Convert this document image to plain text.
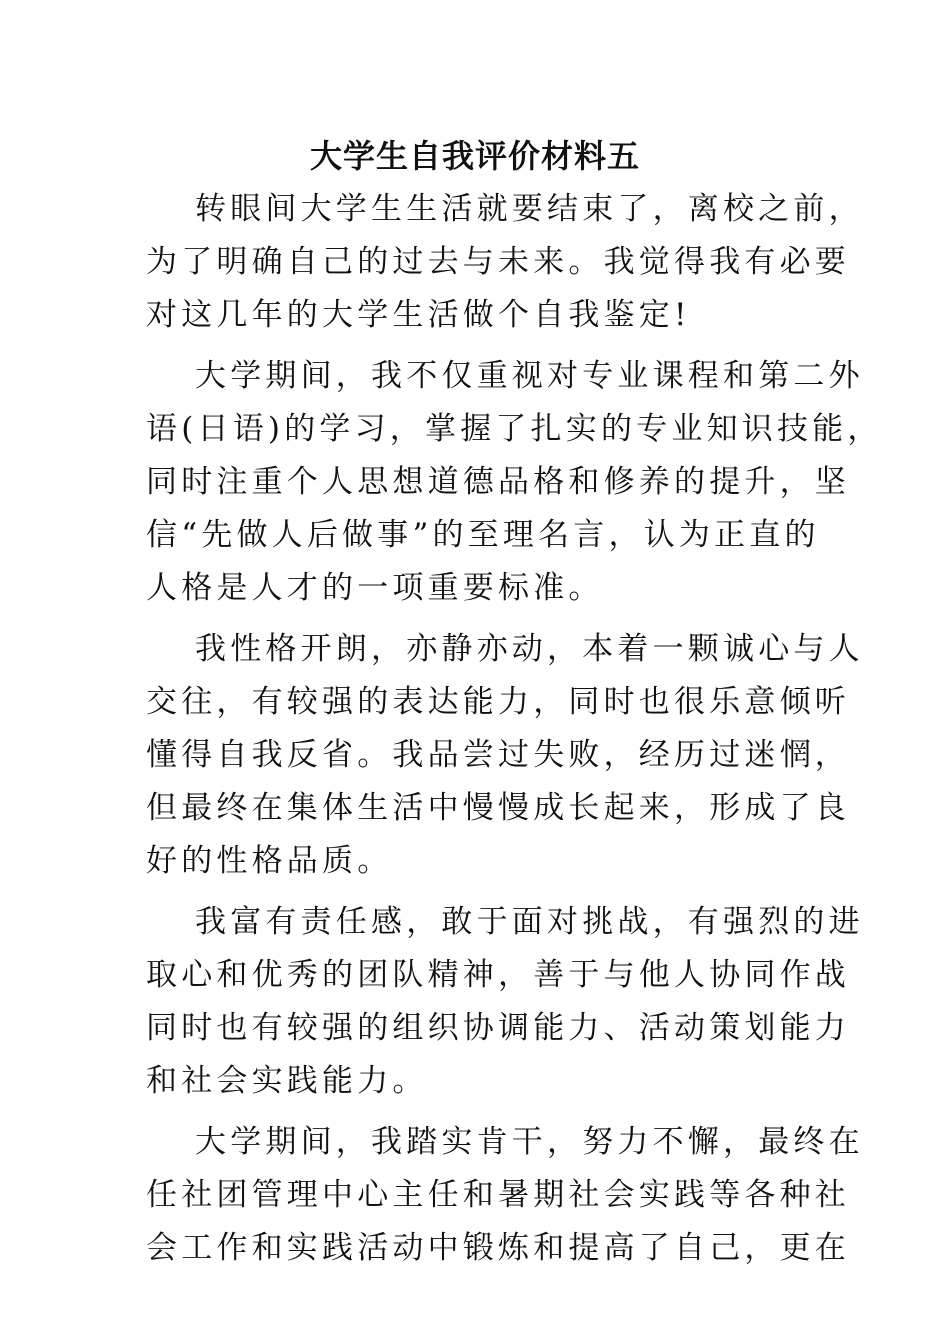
大学生自我评价材料五
转眼间大学生生活就要结束了，离校之前，
为了明确自己的过去与未来。我觉得我有必要
对这几年的大学生活做个自我鉴定!
大学期间，我不仅重视对专业课程和第二外
语(日语)的学习，掌握了扎实的专业知识技能，
同时注重个人思想道德品格和修养的提升，坚
信“先做人后做事”的至理名言，认为正直的
人格是人才的一项重要标准。
我性格开朗，亦静亦动，本着一颗诚心与人
交往，有较强的表达能力，同时也很乐意倾听
懂得自我反省。我品尝过失败，经历过迷惘，
但最终在集体生活中慢慢成长起来，形成了良
好的性格品质。
我富有责任感，敢于面对挑战，有强烈的进
取心和优秀的团队精神，善于与他人协同作战
同时也有较强的组织协调能力、活动策划能力
和社会实践能力。
大学期间，我踏实肯干，努力不懈，最终在
任社团管理中心主任和暑期社会实践等各种社
会工作和实践活动中锻炼和提高了自己，更在
